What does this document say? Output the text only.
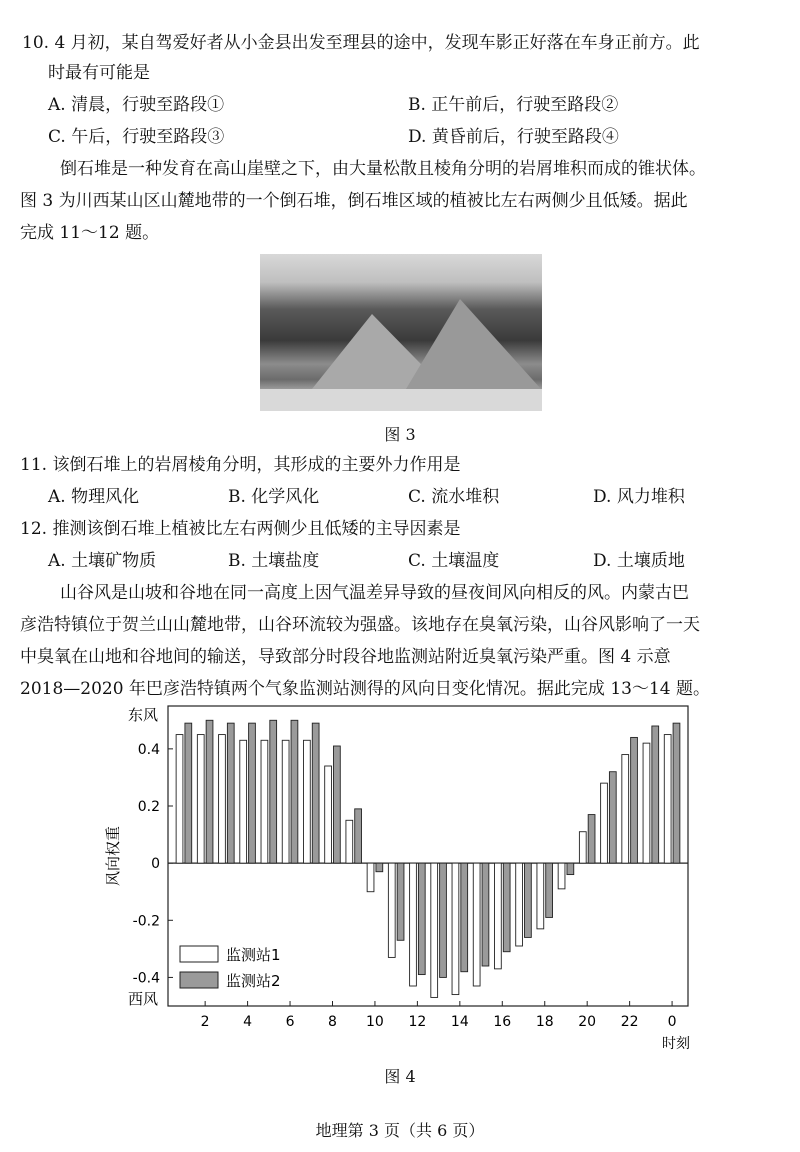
10. 4 月初，某自驾爱好者从小金县出发至理县的途中，发现车影正好落在车身正前方。此
时最有可能是
A. 清晨，行驶至路段①	B. 正午前后，行驶至路段②
C. 午后，行驶至路段③	D. 黄昏前后，行驶至路段④
倒石堆是一种发育在高山崖壁之下，由大量松散且棱角分明的岩屑堆积而成的锥状体。
图 3 为川西某山区山麓地带的一个倒石堆，倒石堆区域的植被比左右两侧少且低矮。据此
完成 11～12 题。
图 3
11. 该倒石堆上的岩屑棱角分明，其形成的主要外力作用是
A. 物理风化	B. 化学风化	C. 流水堆积	D. 风力堆积
12. 推测该倒石堆上植被比左右两侧少且低矮的主导因素是
A. 土壤矿物质	B. 土壤盐度	C. 土壤温度	D. 土壤质地
山谷风是山坡和谷地在同一高度上因气温差异导致的昼夜间风向相反的风。内蒙古巴
彦浩特镇位于贺兰山山麓地带，山谷环流较为强盛。该地存在臭氧污染，山谷风影响了一天
中臭氧在山地和谷地间的输送，导致部分时段谷地监测站附近臭氧污染严重。图 4 示意
2018—2020 年巴彦浩特镇两个气象监测站测得的风向日变化情况。据此完成 13～14 题。
0.4
0.2
0
-0.2
-0.4
东风
西风
风向权重
2 4 6 8 10 12 14 16 18 20 22 0
时刻
监测站1
监测站2
图 4
地理第 3 页（共 6 页）
